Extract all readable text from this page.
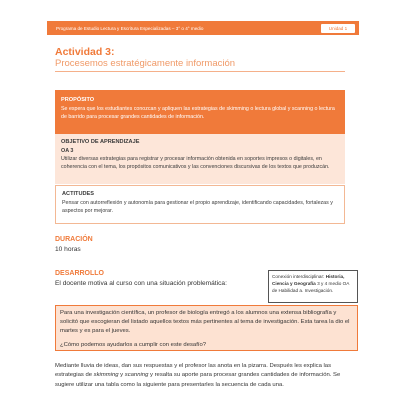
Programa de Estudio Lectura y Escritura Especializadas – 3° o 4° medio	Unidad 1
Actividad 3:
Procesemos estratégicamente información
PROPÓSITO
Se espera que los estudiantes conozcan y apliquen las estrategias de skimming o lectura global y scanning o lectura de barrido para procesar grandes cantidades de información.
OBJETIVO DE APRENDIZAJE
OA 3
Utilizar diversas estrategias para registrar y procesar información obtenida en soportes impresos o digitales, en coherencia con el tema, los propósitos comunicativos y las convenciones discursivas de los textos que produzcán.
ACTITUDES
Pensar con autorreflexión y autonomía para gestionar el propio aprendizaje, identificando capacidades, fortalezas y aspectos por mejorar.
DURACIÓN
10 horas
DESARROLLO
El docente motiva al curso con una situación problemática:
Conexión interdisciplinar: Historia, Ciencia y Geografía 3 y 4 medio OA de Habilidad a. Investigación.
Para una investigación científica, un profesor de biología entregó a los alumnos una extensa bibliografía y solicitó que escogieran del listado aquellos textos más pertinentes al tema de investigación. Esta tarea la dio el martes y es para el jueves.
¿Cómo podemos ayudarlos a cumplir con este desafío?
Mediante lluvia de ideas, dan sus respuestas y el profesor las anota en la pizarra. Después les explica las estrategias de skimming y scanning y resalta su aporte para procesar grandes cantidades de información. Se sugiere utilizar una tabla como la siguiente para presentarles la secuencia de cada una.
